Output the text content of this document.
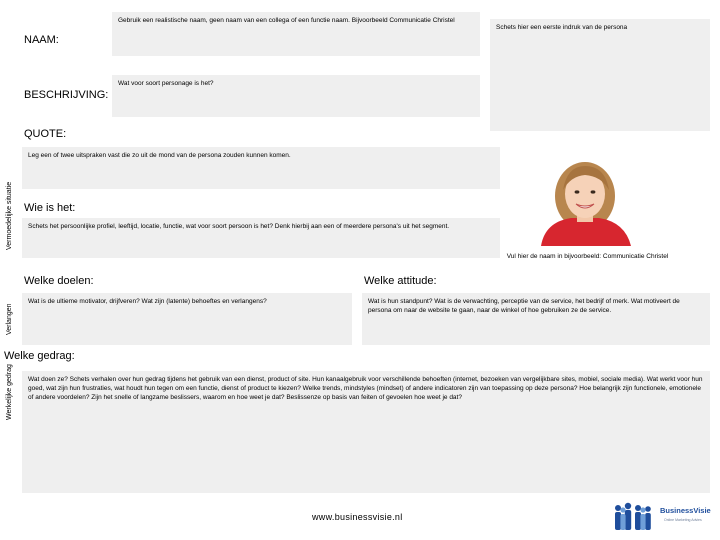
NAAM:
Gebruik een realistische naam, geen naam van een collega of een functie naam. Bijvoorbeeld Communicatie Christel
BESCHRIJVING:
Wat voor soort personage is het?
Schets hier een eerste indruk van de persona
QUOTE:
Leg een of twee uitspraken vast die zo uit de mond van de persona zouden kunnen komen.
Vermoedelijke situatie
Verlangen
Werkelijke gedrag
Wie is het:
Schets het persoonlijke profiel, leeftijd, locatie, functie, wat voor soort persoon is het? Denk hierbij aan een of meerdere persona's uit het segment.
Vul hier de naam in bijvoorbeeld: Communicatie Christel
Welke doelen:
Wat is de ultieme motivator, drijfveren? Wat zijn (latente) behoeftes en verlangens?
Welke attitude:
Wat is hun standpunt? Wat is de verwachting, perceptie van de service, het bedrijf of merk. Wat motiveert de persona om naar de website te gaan, naar de winkel of hoe gebruiken ze de service.
Welke gedrag:
Wat doen ze? Schets verhalen over hun gedrag tijdens het gebruik van een dienst, product of site. Hun kanaalgebruik voor verschillende behoeften (internet, bezoeken van vergelijkbare sites, mobiel, sociale media). Wat werkt voor hun goed, wat zijn hun frustraties, wat houdt hun tegen om een functie, dienst of product te kiezen? Welke trends, mindstyles (mindset) of andere indicatoren zijn van toepassing op deze persona? Hoe belangrijk zijn functionele, emotionele of andere voordelen? Zijn het snelle of langzame beslissers, waarom en hoe weet je dat? Beslissenze op basis van feiten of gevoelen hoe weet je dat?
www.businessvisie.nl
BusinessVisie
Online Marketing Advies
